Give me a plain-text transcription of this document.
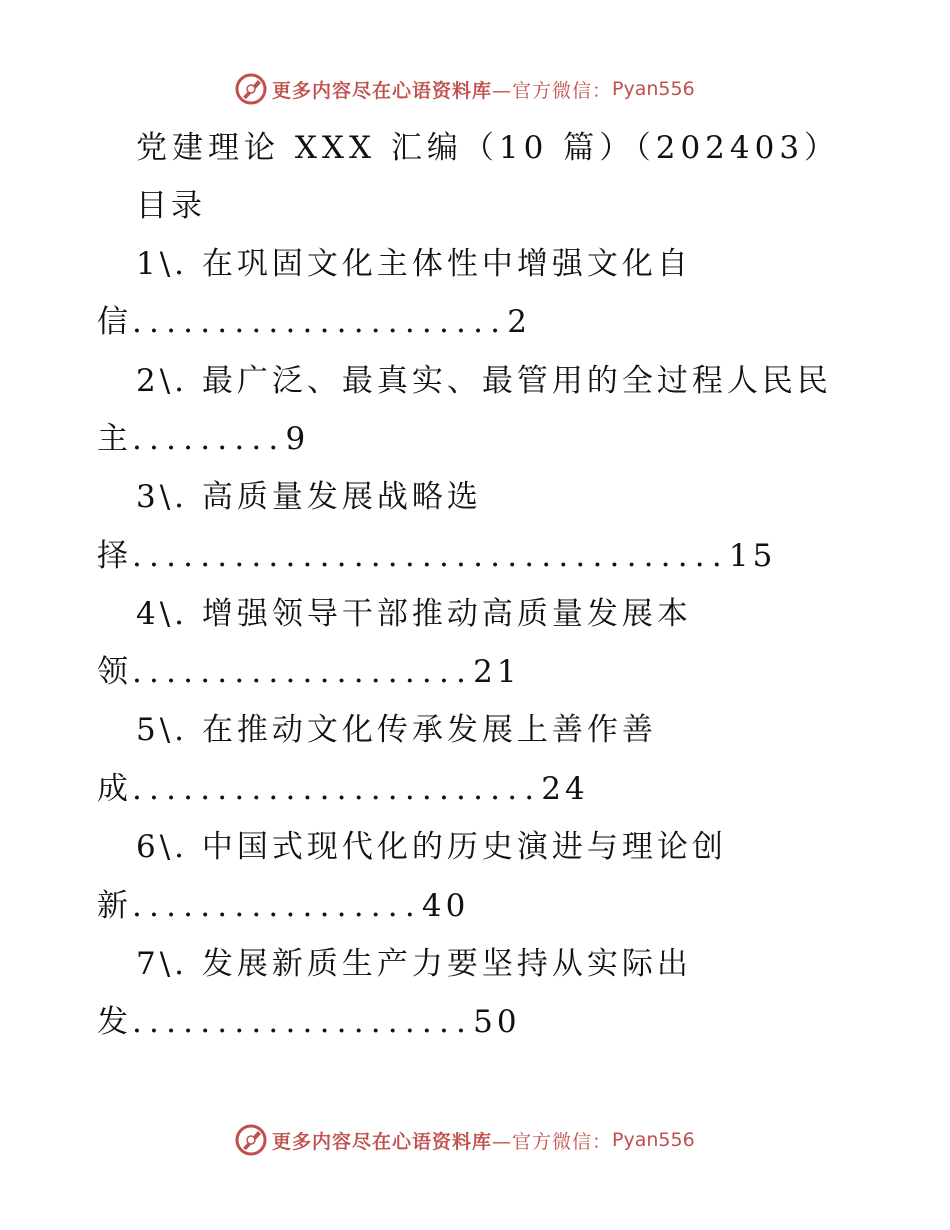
更多内容尽在心语资料库 —官方微信： Pyan556
党建理论 XXX 汇编（10 篇）（202403）
目录
1\. 在巩固文化主体性中增强文化自
信......................2
2\. 最广泛、最真实、最管用的全过程人民民
主.........9
3\. 高质量发展战略选
择...................................15
4\. 增强领导干部推动高质量发展本
领....................21
5\. 在推动文化传承发展上善作善
成........................24
6\. 中国式现代化的历史演进与理论创
新.................40
7\. 发展新质生产力要坚持从实际出
发....................50
更多内容尽在心语资料库 —官方微信： Pyan556
